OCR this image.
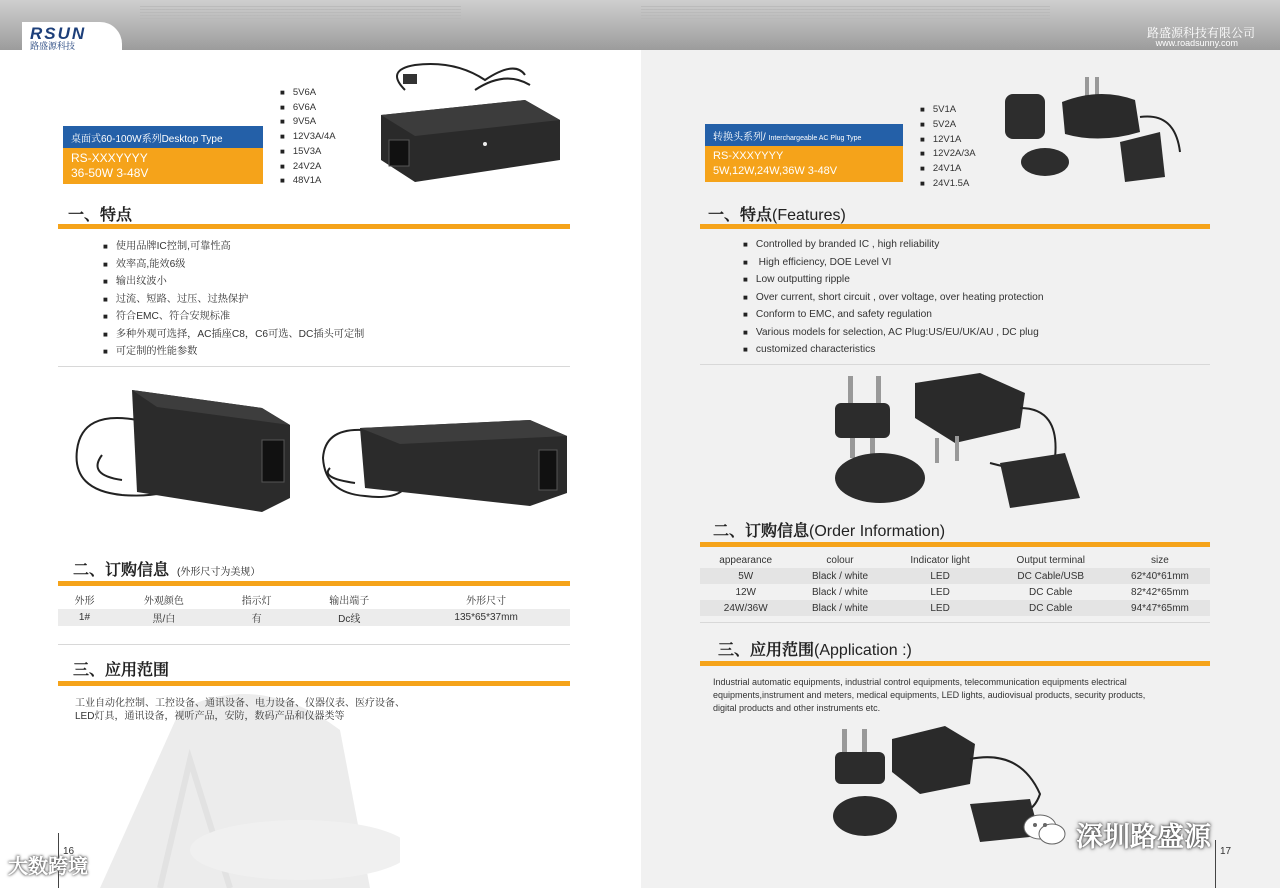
RSUN
路盛源科技
桌面式60-100W系列Desktop Type
RS-XXXYYYY
36-50W 3-48V
■ 5V6A
■ 6V6A
■ 9V5A
■ 12V3A/4A
■ 15V3A
■ 24V2A
■ 48V1A
一、特点
■ 使用品牌IC控制,可靠性高
■ 效率高,能效6级
■ 输出纹波小
■ 过流、短路、过压、过热保护
■ 符合EMC、符合安规标准
■ 多种外观可选择，AC插座C8，C6可选、DC插头可定制
■ 可定制的性能参数
二、订购信息 (外形尺寸为美规）
外形	外观颜色	指示灯	输出端子	外形尺寸
1#	黑/白	有	Dc线	135*65*37mm
三、应用范围
工业自动化控制、工控设备、通讯设备、电力设备、仪器仪表、医疗设备、
LED灯具，通讯设备，视听产品，安防，数码产品和仪器类等
16
大数跨境
路盛源科技有限公司
www.roadsunny.com
转换头系列/ Interchargeable AC Plug Type
RS-XXXYYYY
5W,12W,24W,36W 3-48V
■ 5V1A
■ 5V2A
■ 12V1A
■ 12V2A/3A
■ 24V1A
■ 24V1.5A
一、特点(Features)
■ Controlled by branded IC , high reliability
■ High efficiency, DOE Level VI
■ Low outputting ripple
■ Over current, short circuit , over voltage, over heating protection
■ Conform to EMC, and safety regulation
■ Various models for selection, AC Plug:US/EU/UK/AU , DC plug
■ customized characteristics
二、订购信息(Order Information)
appearance	colour	Indicator light	Output terminal	size
5W	Black / white	LED	DC Cable/USB	62*40*61mm
12W	Black / white	LED	DC Cable	82*42*65mm
24W/36W	Black / white	LED	DC Cable	94*47*65mm
三、应用范围(Application :)
Industrial automatic equipments, industrial control equipments, telecommunication equipments electrical
equipments,instrument and meters, medical equipments, LED lights, audiovisual products, security products,
digital products and other instruments etc.
深圳路盛源 17
